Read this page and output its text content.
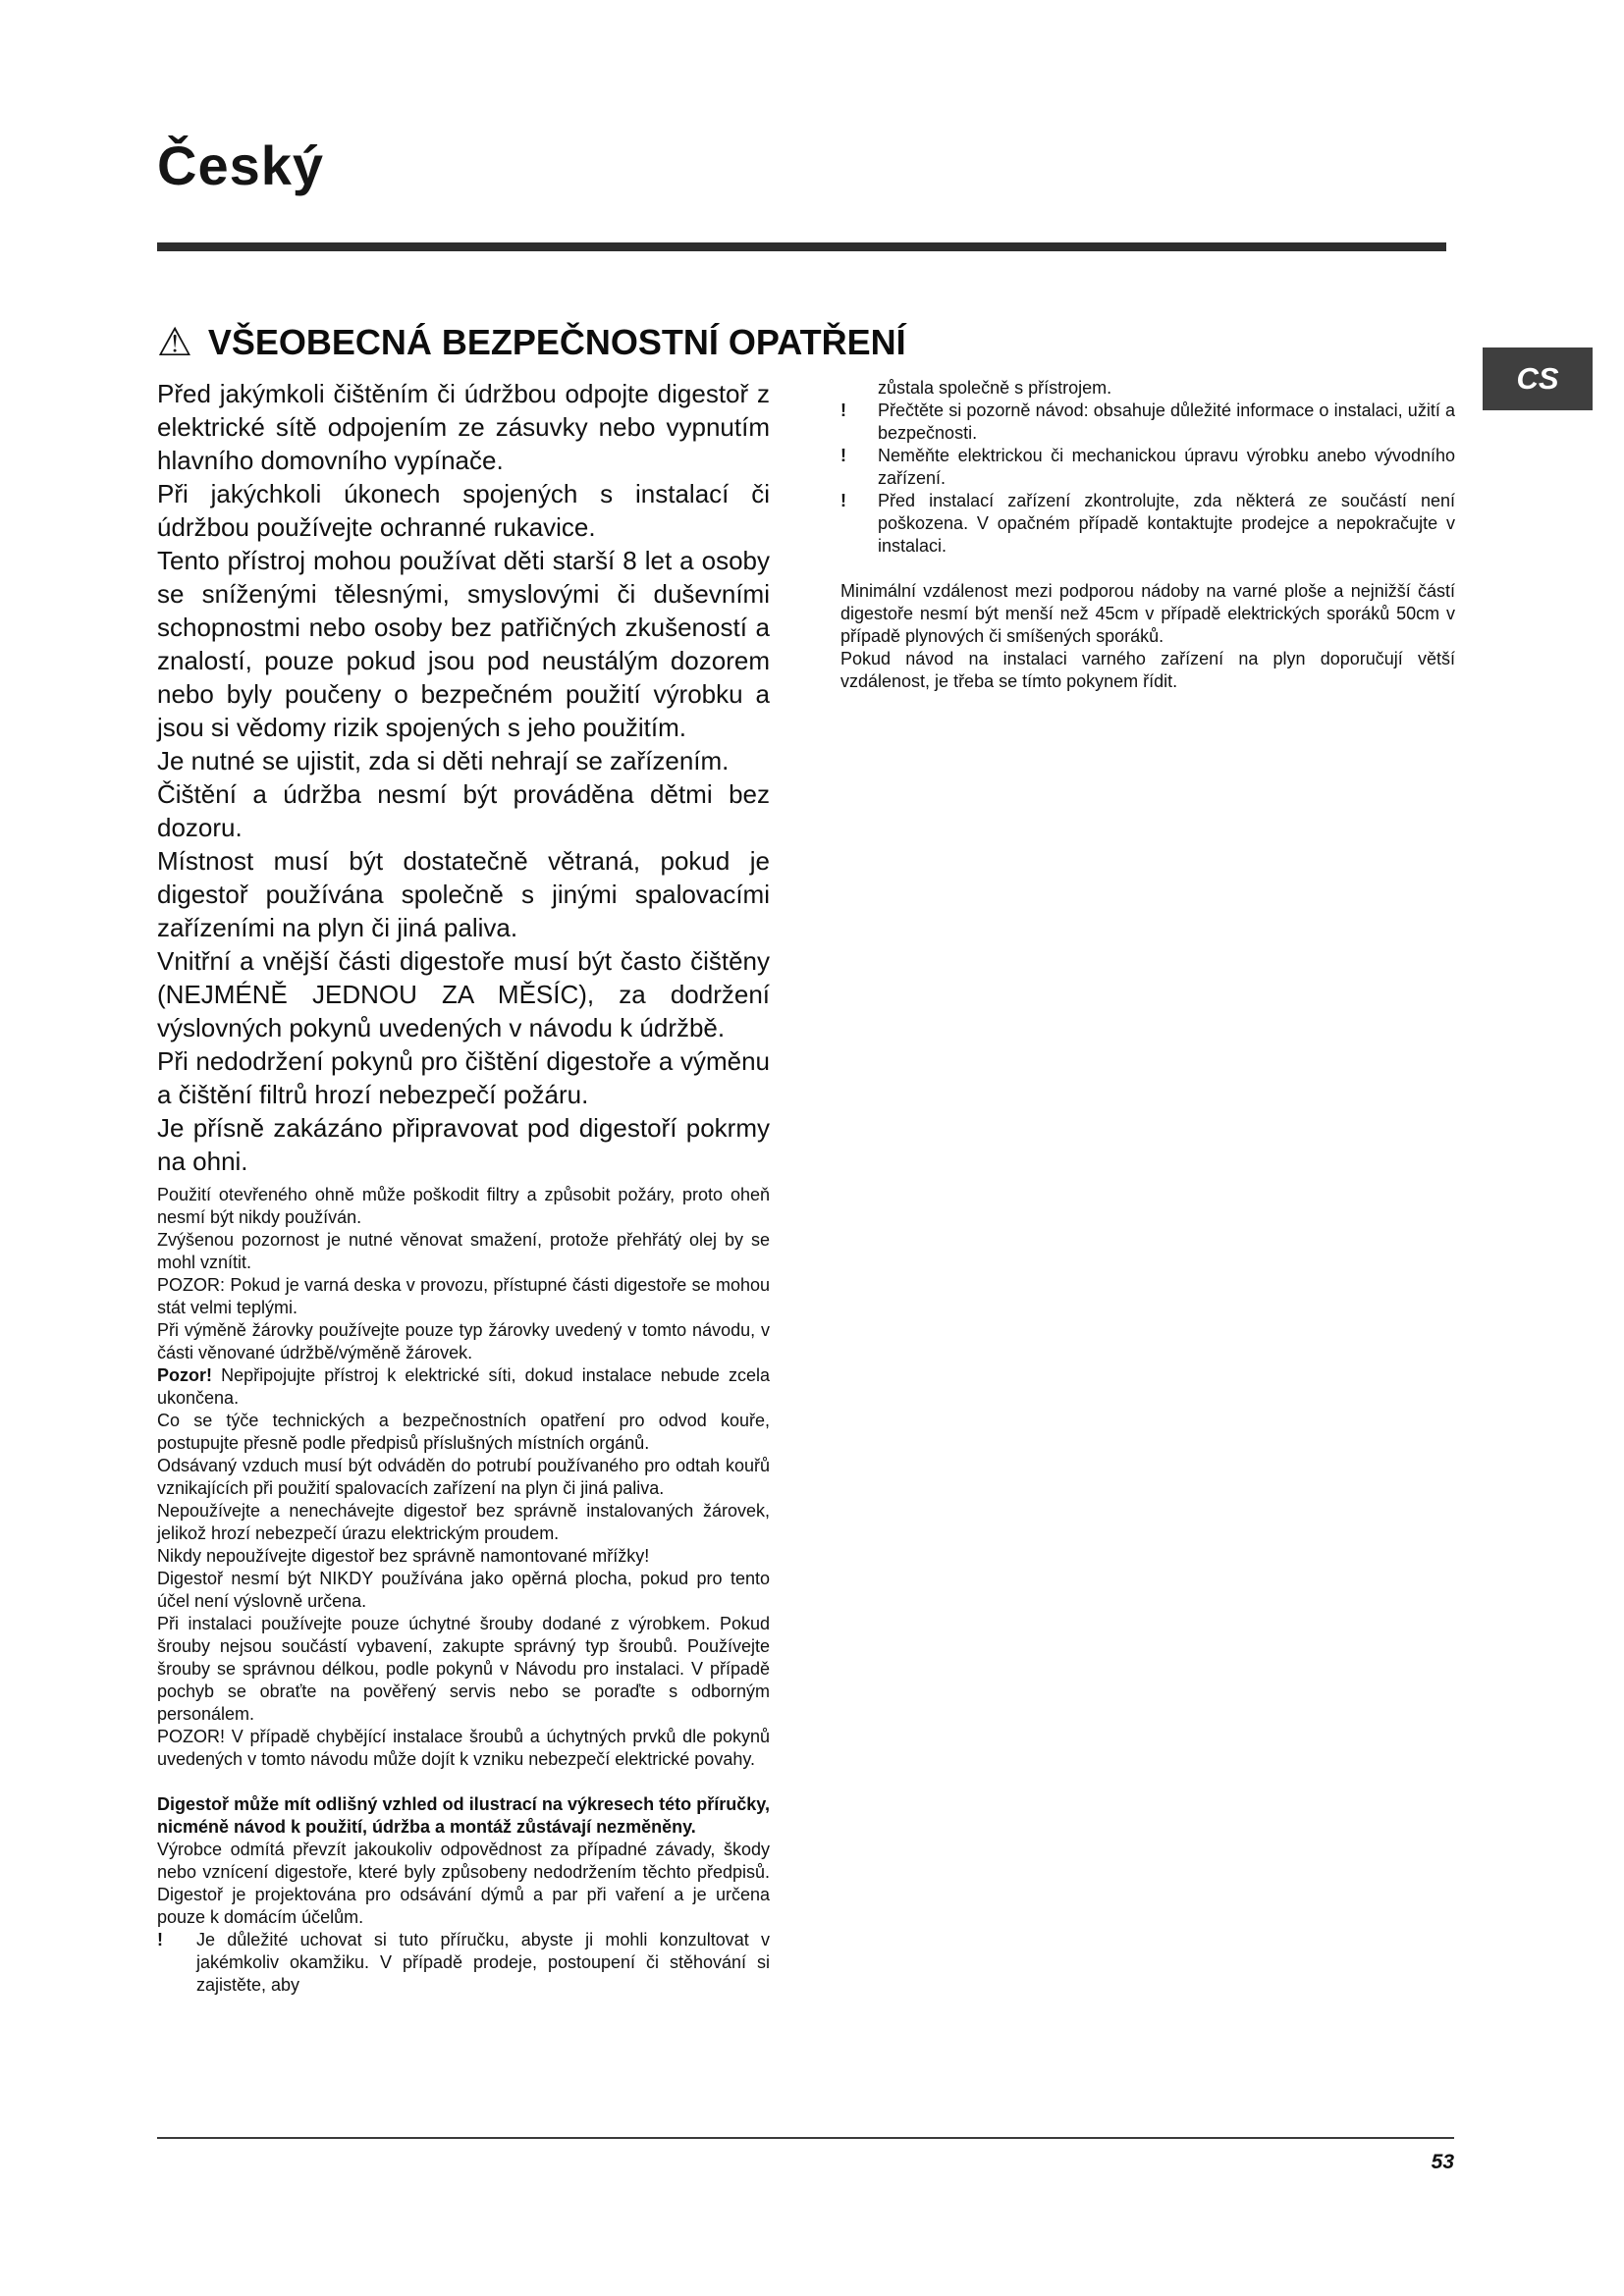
Český
⚠ VŠEOBECNÁ BEZPEČNOSTNÍ OPATŘENÍ

Před jakýmkoli čištěním či údržbou odpojte digestoř z elektrické sítě odpojením ze zásuvky nebo vypnutím hlavního domovního vypínače.

Při jakýchkoli úkonech spojených s instalací či údržbou používejte ochranné rukavice.

Tento přístroj mohou používat děti starší 8 let a osoby se sníženými tělesnými, smyslovými či duševními schopnostmi nebo osoby bez patřičných zkušeností a znalostí, pouze pokud jsou pod neustálým dozorem nebo byly poučeny o bezpečném použití výrobku a jsou si vědomy rizik spojených s jeho použitím.

Je nutné se ujistit, zda si děti nehrají se zařízením.

Čištění a údržba nesmí být prováděna dětmi bez dozoru.

Místnost musí být dostatečně větraná, pokud je digestoř používána společně s jinými spalovacími zařízeními na plyn či jiná paliva.

Vnitřní a vnější části digestoře musí být často čištěny (NEJMÉNĚ JEDNOU ZA MĚSÍC), za dodržení výslovných pokynů uvedených v návodu k údržbě.

Při nedodržení pokynů pro čištění digestoře a výměnu a čištění filtrů hrozí nebezpečí požáru.

Je přísně zakázáno připravovat pod digestoří pokrmy na ohni.

Použití otevřeného ohně může poškodit filtry a způsobit požáry, proto oheň nesmí být nikdy používán.

Zvýšenou pozornost je nutné věnovat smažení, protože přehřátý olej by se mohl vznítit.

POZOR: Pokud je varná deska v provozu, přístupné části digestoře se mohou stát velmi teplými.

Při výměně žárovky používejte pouze typ žárovky uvedený v tomto návodu, v části věnované údržbě/výměně žárovek.

Pozor! Nepřipojujte přístroj k elektrické síti, dokud instalace nebude zcela ukončena.

Co se týče technických a bezpečnostních opatření pro odvod kouře, postupujte přesně podle předpisů příslušných místních orgánů.

Odsávaný vzduch musí být odváděn do potrubí používaného pro odtah kouřů vznikajících při použití spalovacích zařízení na plyn či jiná paliva.

Nepoužívejte a nenechávejte digestoř bez správně instalovaných žárovek, jelikož hrozí nebezpečí úrazu elektrickým proudem.

Nikdy nepoužívejte digestoř bez správně namontované mřížky!

Digestoř nesmí být NIKDY používána jako opěrná plocha, pokud pro tento účel není výslovně určena.

Při instalaci používejte pouze úchytné šrouby dodané z výrobkem. Pokud šrouby nejsou součástí vybavení, zakupte správný typ šroubů. Používejte šrouby se správnou délkou, podle pokynů v Návodu pro instalaci. V případě pochyb se obraťte na pověřený servis nebo se poraďte s odborným personálem.

POZOR! V případě chybějící instalace šroubů a úchytných prvků dle pokynů uvedených v tomto návodu může dojít k vzniku nebezpečí elektrické povahy.

Digestoř může mít odlišný vzhled od ilustrací na výkresech této příručky, nicméně návod k použití, údržba a montáž zůstávají nezměněny.

Výrobce odmítá převzít jakoukoliv odpovědnost za případné závady, škody nebo vznícení digestoře, které byly způsobeny nedodržením těchto předpisů. Digestoř je projektována pro odsávání dýmů a par při vaření a je určena pouze k domácím účelům.

!	Je důležité uchovat si tuto příručku, abyste ji mohli konzultovat v jakémkoliv okamžiku. V případě prodeje, postoupení či stěhování si zajistěte, aby
zůstala společně s přístrojem.
!	Přečtěte si pozorně návod: obsahuje důležité informace o instalaci, užití a bezpečnosti.
!	Neměňte elektrickou či mechanickou úpravu výrobku anebo vývodního zařízení.
!	Před instalací zařízení zkontrolujte, zda některá ze součástí není poškozena. V opačném případě kontaktujte prodejce a nepokračujte v instalaci.

Minimální vzdálenost mezi podporou nádoby na varné ploše a nejnižší částí digestoře nesmí být menší než 45cm v případě elektrických sporáků 50cm v případě plynových či smíšených sporáků.

Pokud návod na instalaci varného zařízení na plyn doporučují větší vzdálenost, je třeba se tímto pokynem řídit.

CS
53
